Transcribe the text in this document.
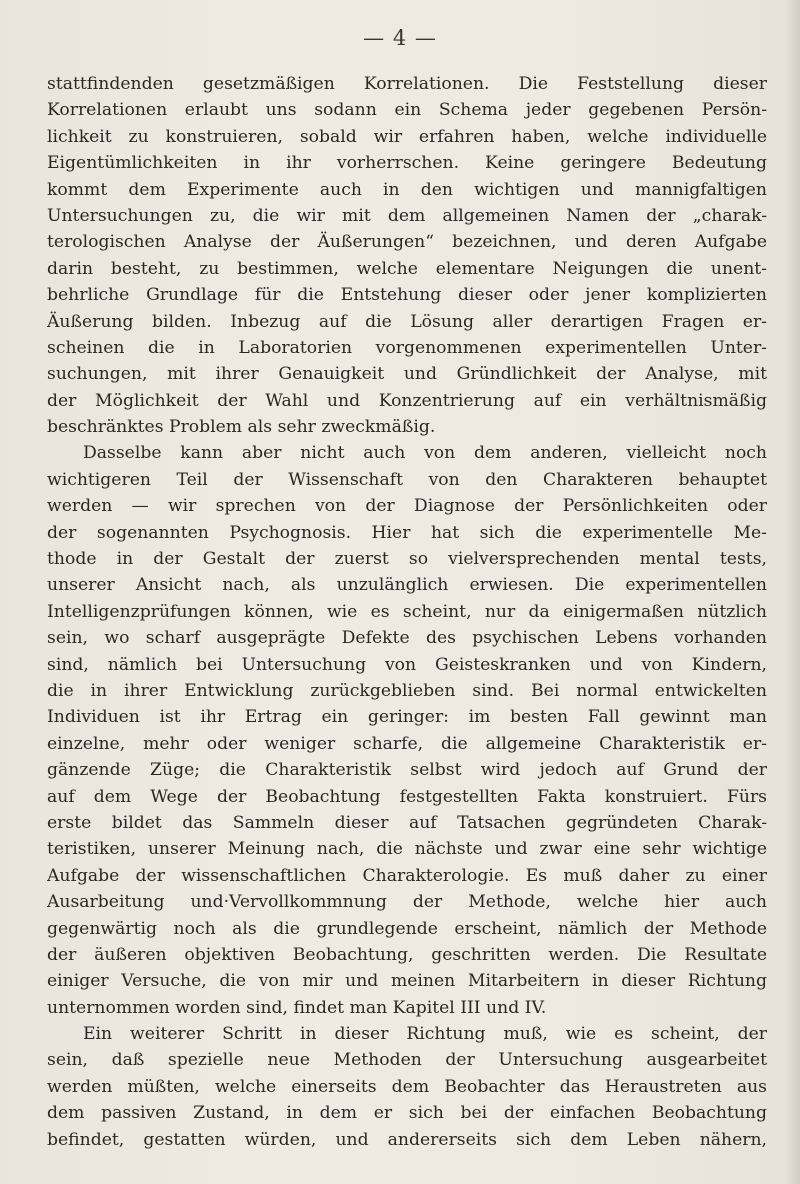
— 4 —
stattfindenden gesetzmäßigen Korrelationen. Die Feststellung dieser
Korrelationen erlaubt uns sodann ein Schema jeder gegebenen Persön-
lichkeit zu konstruieren, sobald wir erfahren haben, welche individuelle
Eigentümlichkeiten in ihr vorherrschen. Keine geringere Bedeutung
kommt dem Experimente auch in den wichtigen und mannigfaltigen
Untersuchungen zu, die wir mit dem allgemeinen Namen der „charak-
terologischen Analyse der Äußerungen“ bezeichnen, und deren Aufgabe
darin besteht, zu bestimmen, welche elementare Neigungen die unent-
behrliche Grundlage für die Entstehung dieser oder jener komplizierten
Äußerung bilden. Inbezug auf die Lösung aller derartigen Fragen er-
scheinen die in Laboratorien vorgenommenen experimentellen Unter-
suchungen, mit ihrer Genauigkeit und Gründlichkeit der Analyse, mit
der Möglichkeit der Wahl und Konzentrierung auf ein verhältnismäßig
beschränktes Problem als sehr zweckmäßig.
Dasselbe kann aber nicht auch von dem anderen, vielleicht noch
wichtigeren Teil der Wissenschaft von den Charakteren behauptet
werden — wir sprechen von der Diagnose der Persönlichkeiten oder
der sogenannten Psychognosis. Hier hat sich die experimentelle Me-
thode in der Gestalt der zuerst so vielversprechenden mental tests,
unserer Ansicht nach, als unzulänglich erwiesen. Die experimentellen
Intelligenzprüfungen können, wie es scheint, nur da einigermaßen nützlich
sein, wo scharf ausgeprägte Defekte des psychischen Lebens vorhanden
sind, nämlich bei Untersuchung von Geisteskranken und von Kindern,
die in ihrer Entwicklung zurückgeblieben sind. Bei normal entwickelten
Individuen ist ihr Ertrag ein geringer: im besten Fall gewinnt man
einzelne, mehr oder weniger scharfe, die allgemeine Charakteristik er-
gänzende Züge; die Charakteristik selbst wird jedoch auf Grund der
auf dem Wege der Beobachtung festgestellten Fakta konstruiert. Fürs
erste bildet das Sammeln dieser auf Tatsachen gegründeten Charak-
teristiken, unserer Meinung nach, die nächste und zwar eine sehr wichtige
Aufgabe der wissenschaftlichen Charakterologie. Es muß daher zu einer
Ausarbeitung und·Vervollkommnung der Methode, welche hier auch
gegenwärtig noch als die grundlegende erscheint, nämlich der Methode
der äußeren objektiven Beobachtung, geschritten werden. Die Resultate
einiger Versuche, die von mir und meinen Mitarbeitern in dieser Richtung
unternommen worden sind, findet man Kapitel III und IV.
Ein weiterer Schritt in dieser Richtung muß, wie es scheint, der
sein, daß spezielle neue Methoden der Untersuchung ausgearbeitet
werden müßten, welche einerseits dem Beobachter das Heraustreten aus
dem passiven Zustand, in dem er sich bei der einfachen Beobachtung
befindet, gestatten würden, und andererseits sich dem Leben nähern,
